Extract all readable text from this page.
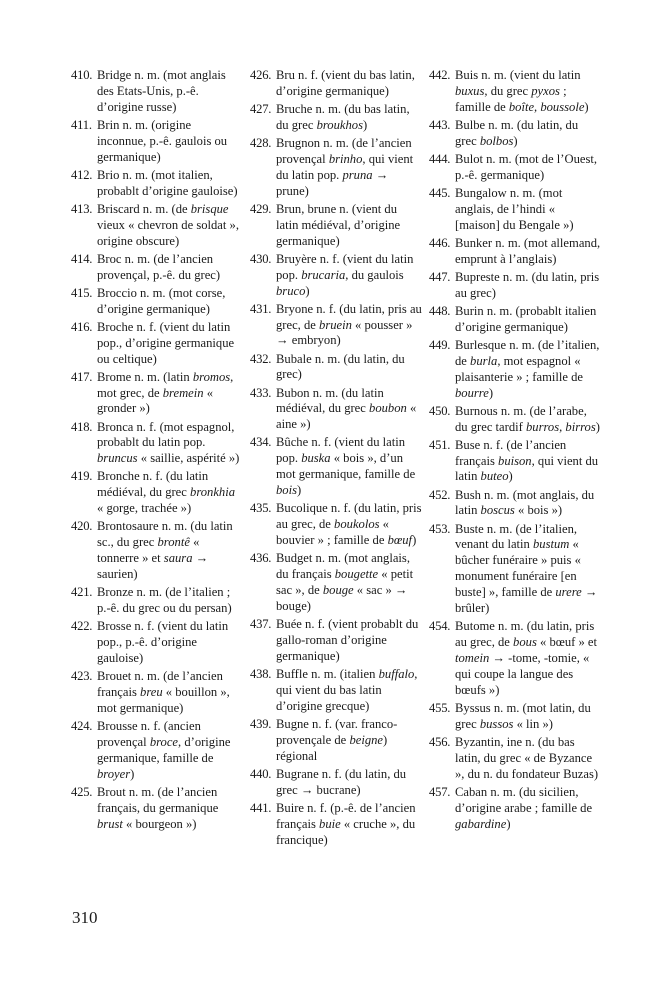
410 . Bridge n. m. (mot anglais des Etats-Unis, p.-ê. d’origine russe)
411 . Brin n. m. (origine inconnue, p.-ê. gaulois ou germanique)
412 . Brio n. m. (mot italien, probablt d’origine gauloise)
413 . Briscard n. m. (de brisque vieux « chevron de soldat », origine obscure)
414 . Broc n. m. (de l’ancien provençal, p.-ê. du grec)
415 . Broccio n. m. (mot corse, d’origine germanique)
416 . Broche n. f. (vient du latin pop., d’origine germanique ou celtique)
417 . Brome n. m. (latin bromos, mot grec, de bremein « gronder »)
418 . Bronca n. f. (mot espagnol, probablt du latin pop. bruncus « saillie, aspérité »)
419 . Bronche n. f. (du latin médiéval, du grec bronkhia « gorge, trachée »)
420 . Brontosaure n. m. (du latin sc., du grec brontê « tonnerre » et saura → saurien)
421 . Bronze n. m. (de l’italien ; p.-ê. du grec ou du persan)
422 . Brosse n. f. (vient du latin pop., p.-ê. d’origine gauloise)
423 . Brouet n. m. (de l’ancien français breu « bouillon », mot germanique)
424 . Brousse n. f. (ancien provençal broce, d’origine germanique, famille de broyer)
425 . Brout n. m. (de l’ancien français, du germanique brust « bourgeon »)
426 . Bru n. f. (vient du bas latin, d’origine germanique)
427 . Bruche n. m. (du bas latin, du grec broukhos)
428 . Brugnon n. m. (de l’ancien provençal brinho, qui vient du latin pop. pruna → prune)
429 . Brun, brune n. (vient du latin médiéval, d’origine germanique)
430 . Bruyère n. f. (vient du latin pop. brucaria, du gaulois bruco)
431 . Bryone n. f. (du latin, pris au grec, de bruein « pousser » → embryon)
432 . Bubale n. m. (du latin, du grec)
433 . Bubon n. m. (du latin médiéval, du grec boubon « aine »)
434 . Bûche n. f. (vient du latin pop. buska « bois », d’un mot germanique, famille de bois)
435 . Bucolique n. f. (du latin, pris au grec, de boukolos « bouvier » ; famille de bœuf)
436 . Budget n. m. (mot anglais, du français bougette « petit sac », de bouge « sac » → bouge)
437 . Buée n. f. (vient probablt du gallo-roman d’origine germanique)
438 . Buffle n. m. (italien buffalo, qui vient du bas latin d’origine grecque)
439 . Bugne n. f. (var. franco-provençale de beigne) régional
440 . Bugrane n. f. (du latin, du grec → bucrane)
441 . Buire n. f. (p.-ê. de l’ancien français buie « cruche », du francique)
442 . Buis n. m. (vient du latin buxus, du grec pyxos ; famille de boîte, boussole)
443 . Bulbe n. m. (du latin, du grec bolbos)
444 . Bulot n. m. (mot de l’Ouest, p.-ê. germanique)
445 . Bungalow n. m. (mot anglais, de l’hindi « [maison] du Bengale »)
446 . Bunker n. m. (mot allemand, emprunt à l’anglais)
447 . Bupreste n. m. (du latin, pris au grec)
448 . Burin n. m. (probablt italien d’origine germanique)
449 . Burlesque n. m. (de l’italien, de burla, mot espagnol « plaisanterie » ; famille de bourre)
450 . Burnous n. m. (de l’arabe, du grec tardif burros, birros)
451 . Buse n. f. (de l’ancien français buison, qui vient du latin buteo)
452 . Bush n. m. (mot anglais, du latin boscus « bois »)
453 . Buste n. m. (de l’italien, venant du latin bustum « bûcher funéraire » puis « monument funéraire [en buste] », famille de urere → brûler)
454 . Butome n. m. (du latin, pris au grec, de bous « bœuf » et tomein → -tome, -tomie, « qui coupe la langue des bœufs »)
455 . Byssus n. m. (mot latin, du grec bussos « lin »)
456 . Byzantin, ine n. (du bas latin, du grec « de Byzance », du n. du fondateur Buzas)
457 . Caban n. m. (du sicilien, d’origine arabe ; famille de gabardine)
310
